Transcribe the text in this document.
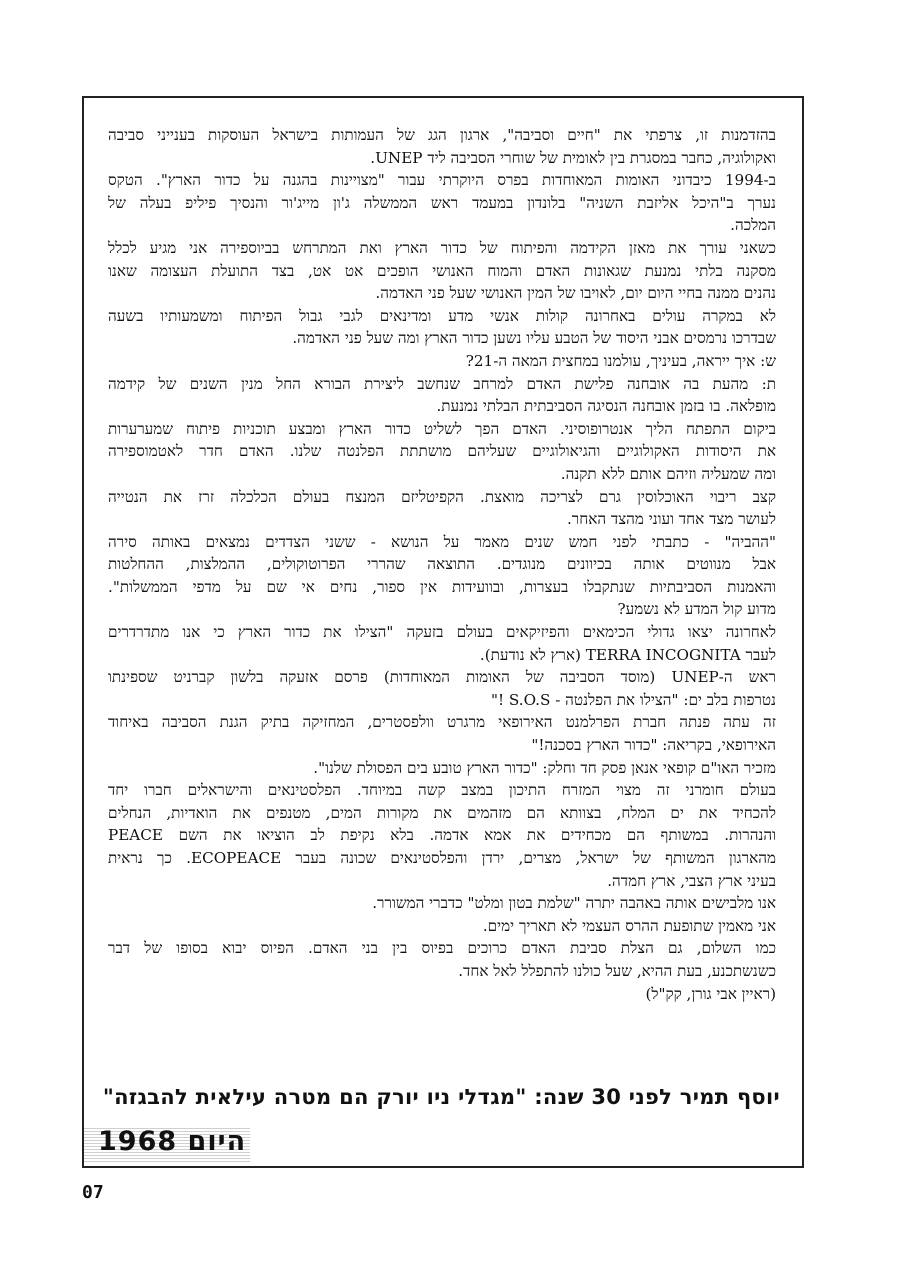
בהזדמנות זו, צרפתי את "חיים וסביבה", ארגון הגג של העמותות בישראל העוסקות בענייני סביבה
ואקולוגיה, כחבר במסגרת בין לאומית של שוחרי הסביבה ליד UNEP.
ב-1994 כיבדוני האומות המאוחדות בפרס היוקרתי עבור "מצויינות בהגנה על כדור הארץ". הטקס
נערך ב"היכל אליזבת השניה" בלונדון במעמד ראש הממשלה ג'ון מייג'ור והנסיך פיליפ בעלה של
המלכה.
כשאני עורך את מאזן הקידמה והפיתוח של כדור הארץ ואת המתרחש בביוספירה אני מגיע לכלל
מסקנה בלתי נמנעת שגאונות האדם והמוח האנושי הופכים אט אט, בצד התועלת העצומה שאנו
נהנים ממנה בחיי היום יום, לאויבו של המין האנושי שעל פני האדמה.
לא במקרה עולים באחרונה קולות אנשי מדע ומדינאים לגבי גבול הפיתוח ומשמעותיו בשעה
שבדרכו נרמסים אבני היסוד של הטבע עליו נשען כדור הארץ ומה שעל פני האדמה.
ש: איך ייראה, בעיניך, עולמנו במחצית המאה ה-21?
ת: מהעת בה אובחנה פלישת האדם למרחב שנחשב ליצירת הבורא החל מנין השנים של קידמה
מופלאה. בו בזמן אובחנה הנסיגה הסביבתית הבלתי נמנעת.
ביקום התפתח הליך אנטרופוסיני. האדם הפך לשליט כדור הארץ ומבצע תוכניות פיתוח שמערערות
את היסודות האקולוגיים והגיאולוגיים שעליהם מושתתת הפלנטה שלנו. האדם חדר לאטמוספירה
ומה שמעליה וזיהם אותם ללא תקנה.
קצב ריבוי האוכלוסין גרם לצריכה מואצת. הקפיטליזם המנצח בעולם הכלכלה זרז את הנטייה
לעושר מצד אחד ועוני מהצד האחר.
"ההביה" - כתבתי לפני חמש שנים מאמר על הנושא - ששני הצדדים נמצאים באותה סירה
אבל מנווטים אותה בכיוונים מנוגדים. התוצאה שהררי הפרוטוקולים, ההמלצות, ההחלטות
והאמנות הסביבתיות שנתקבלו בעצרות, ובוועידות אין ספור, נחים אי שם על מדפי הממשלות".
מדוע קול המדע לא נשמע?
לאחרונה יצאו גדולי הכימאים והפיזיקאים בעולם בזעקה "הצילו את כדור הארץ כי אנו מתדרדרים
לעבר TERRA INCOGNITA (ארץ לא נודעת).
ראש ה-UNEP (מוסד הסביבה של האומות המאוחדות) פרסם אזעקה בלשון קברניט שספינתו
נטרפות בלב ים: "הצילו את הפלנטה - S.O.S !"
זה עתה פנתה חברת הפרלמנט האירופאי מרגרט וולפסטרים, המחזיקה בתיק הגנת הסביבה באיחוד
האירופאי, בקריאה: "כדור הארץ בסכנה!"
מזכיר האו"ם קופאי אנאן פסק חד וחלק: "כדור הארץ טובע בים הפסולת שלנו".
בעולם חומרני זה מצוי המזרח התיכון במצב קשה במיוחד. הפלסטינאים והישראלים חברו יחד
להכחיד את ים המלח, בצוותא הם מזהמים את מקורות המים, מטנפים את הואדיות, הנחלים
והנהרות. במשותף הם מכחידים את אמא אדמה. בלא נקיפת לב הוציאו את השם PEACE
מהארגון המשותף של ישראל, מצרים, ירדן והפלסטינאים שכונה בעבר ECOPEACE. כך נראית
בעיני ארץ הצבי, ארץ חמדה.
אנו מלבישים אותה באהבה יתרה "שלמת בטון ומלט" כדברי המשורר.
אני מאמין שתופעת ההרס העצמי לא תאריך ימים.
כמו השלום, גם הצלת סביבת האדם כרוכים בפיוס בין בני האדם. הפיוס יבוא בסופו של דבר
כשנשתכנע, בעת ההיא, שעל כולנו להתפלל לאל אחד.
(ראיין אבי גורן, קק"ל)
יוסף תמיר לפני 30 שנה: "מגדלי ניו יורק הם מטרה עילאית להבגזה"
היום 1968
07
